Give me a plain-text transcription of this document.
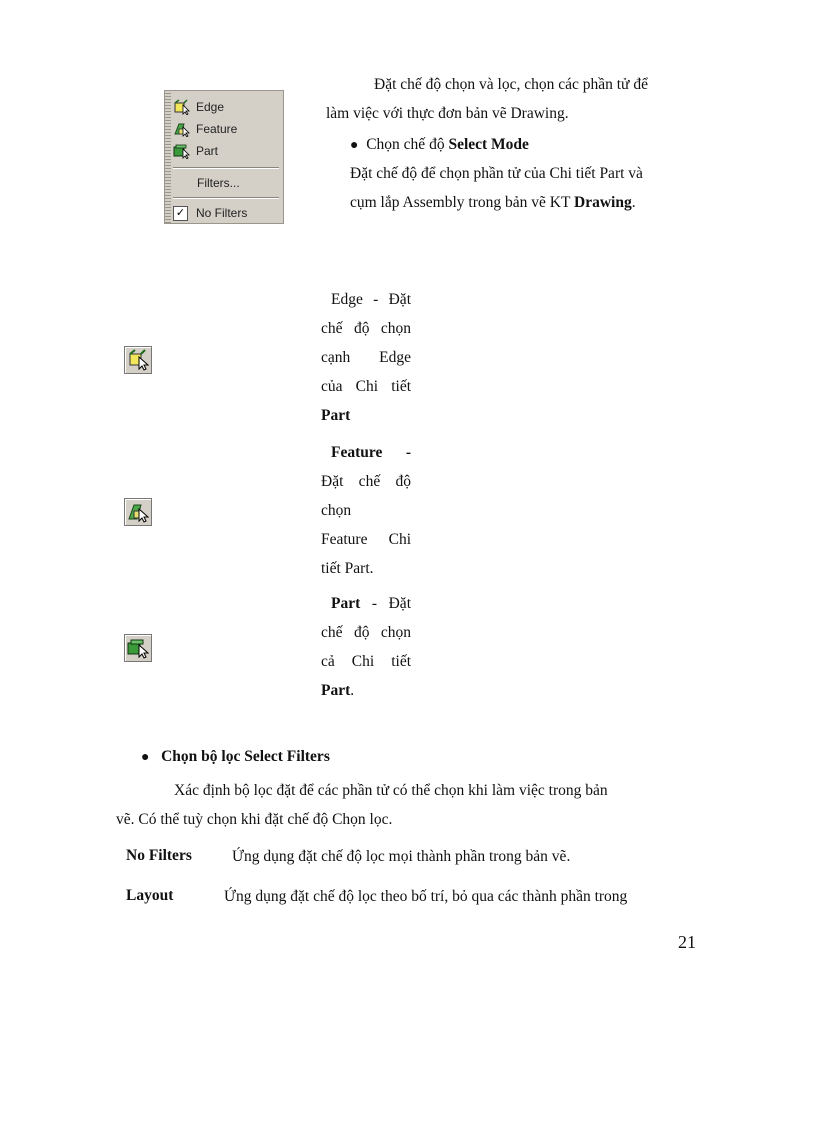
Edge
Feature
Part
Filters...
✓ No Filters
Đặt chế độ chọn và lọc, chọn các phần tử để
làm việc với thực đơn bản vẽ Drawing.
● Chọn chế độ Select Mode
Đặt chế độ để chọn phần tử của Chi tiết Part và
cụm lắp Assembly trong bản vẽ KT Drawing.
Edge - Đặt
chế độ chọn
cạnh Edge
của Chi tiết
Part
Feature -
Đặt chế độ
chọn
Feature Chi
tiết Part.
Part - Đặt
chế độ chọn
cả Chi tiết
Part.
● Chọn bộ lọc Select Filters
Xác định bộ lọc đặt để các phần tử có thể chọn khi làm việc trong bản
vẽ. Có thể tuỳ chọn khi đặt chế độ Chọn lọc.
No Filters	Ứng dụng đặt chế độ lọc mọi thành phần trong bản vẽ.
Layout	Ứng dụng đặt chế độ lọc theo bố trí, bỏ qua các thành phần trong
21
